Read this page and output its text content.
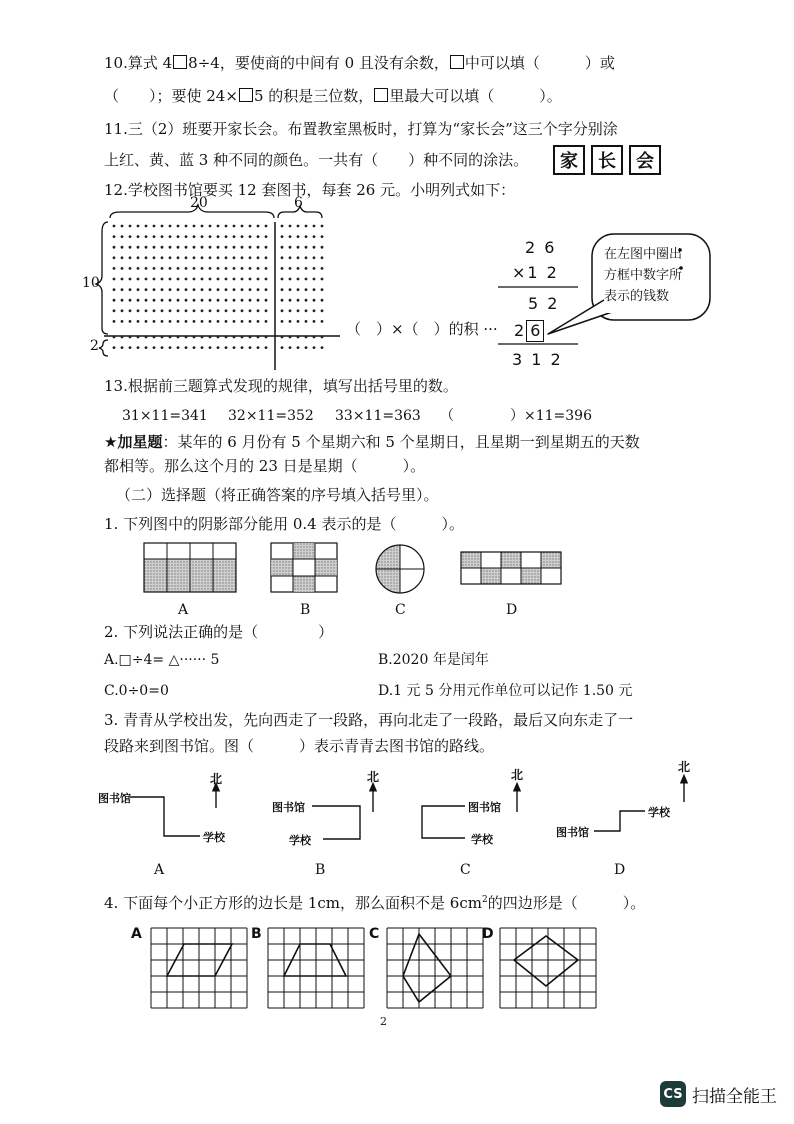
10.算式 4 8÷4，要使商的中间有 0 且没有余数， 中可以填（　　　）或
（　　）；要使 24× 5 的积是三位数， 里最大可以填（　　　）。
11.三（2）班要开家长会。布置教室黑板时，打算为“家长会”这三个字分别涂
上红、黄、蓝 3 种不同的颜色。一共有（　　）种不同的涂法。	家	长	会
12.学校图书馆要买 12 套图书，每套 26 元。小明列式如下：
20	6
10
2
（　）×（　）的积 ···
2 6
×1 2
5 2
2 6
3 1 2
在左图中圈出
方框中数字所
表示的钱数
13.根据前三题算式发现的规律，填写出括号里的数。
31×11=341 32×11=352 33×11=363 （　　　　）×11=396
★加星题：某年的 6 月份有 5 个星期六和 5 个星期日，且星期一到星期五的天数
都相等。那么这个月的 23 日是星期（　　　）。
（二）选择题（将正确答案的序号填入括号里）。
1. 下列图中的阴影部分能用 0.4 表示的是（　　　）。
A	B	C	D
2. 下列说法正确的是（　　　　）
A.□÷4= △······ 5	B.2020 年是闰年
C.0÷0=0	D.1 元 5 分用元作单位可以记作 1.50 元
3. 青青从学校出发，先向西走了一段路，再向北走了一段路，最后又向东走了一
段路来到图书馆。图（　　　）表示青青去图书馆的路线。
图书馆
学校
北
图书馆
学校
北
图书馆
学校
北
图书馆
学校
北
A	B	C	D
4. 下面每个小正方形的边长是 1cm，那么面积不是 $6cm^2$的四边形是（　　　）。
A	B	C	D
2
CS 扫描全能王
